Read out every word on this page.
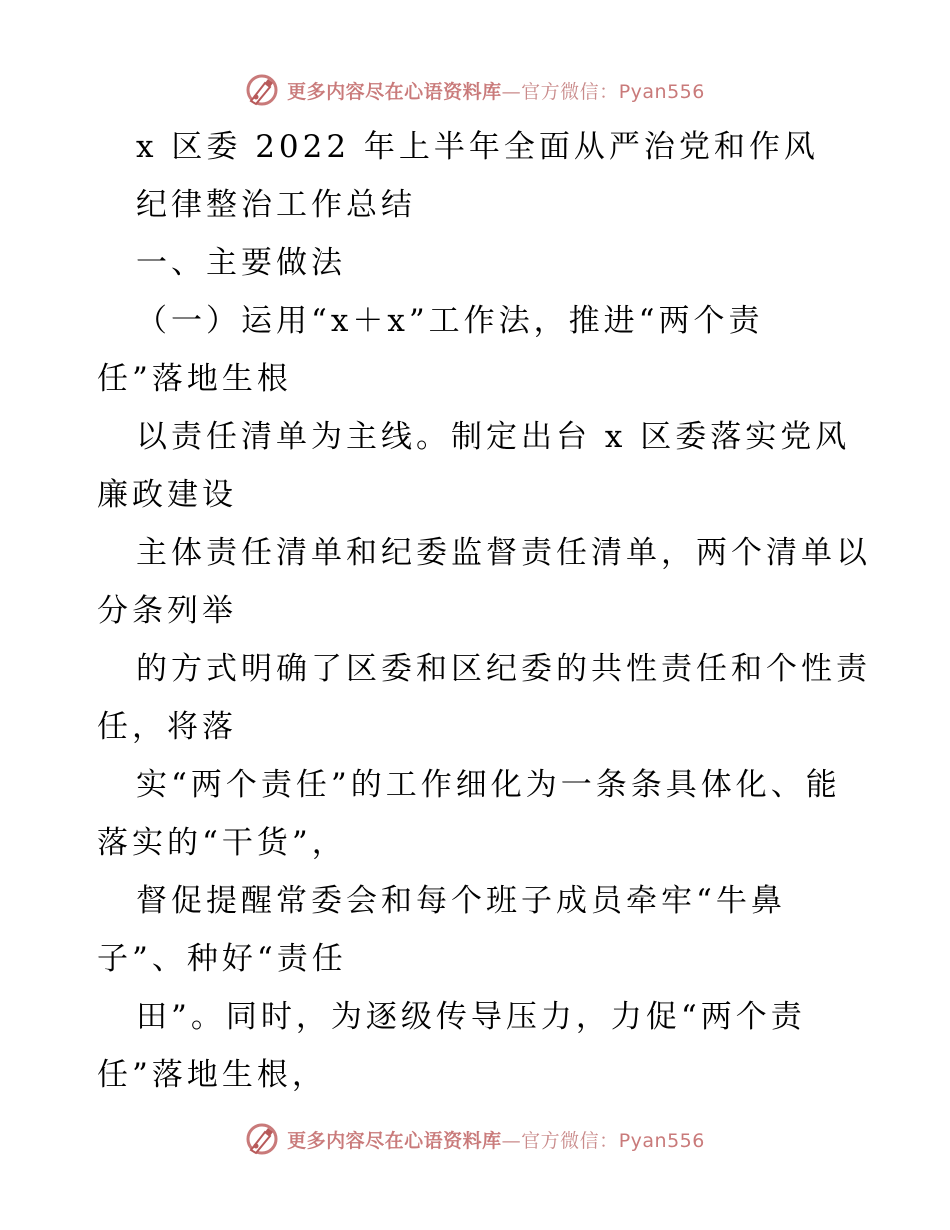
更多内容尽在心语资料库—官方微信：Pyan556
x 区委 2022 年上半年全面从严治党和作风
纪律整治工作总结
一、主要做法
（一）运用“x＋x”工作法，推进“两个责
任”落地生根
以责任清单为主线。制定出台 x 区委落实党风
廉政建设
主体责任清单和纪委监督责任清单，两个清单以
分条列举
的方式明确了区委和区纪委的共性责任和个性责
任，将落
实“两个责任”的工作细化为一条条具体化、能
落实的“干货”，
督促提醒常委会和每个班子成员牵牢“牛鼻
子”、种好“责任
田”。同时，为逐级传导压力，力促“两个责
任”落地生根，
更多内容尽在心语资料库—官方微信：Pyan556
